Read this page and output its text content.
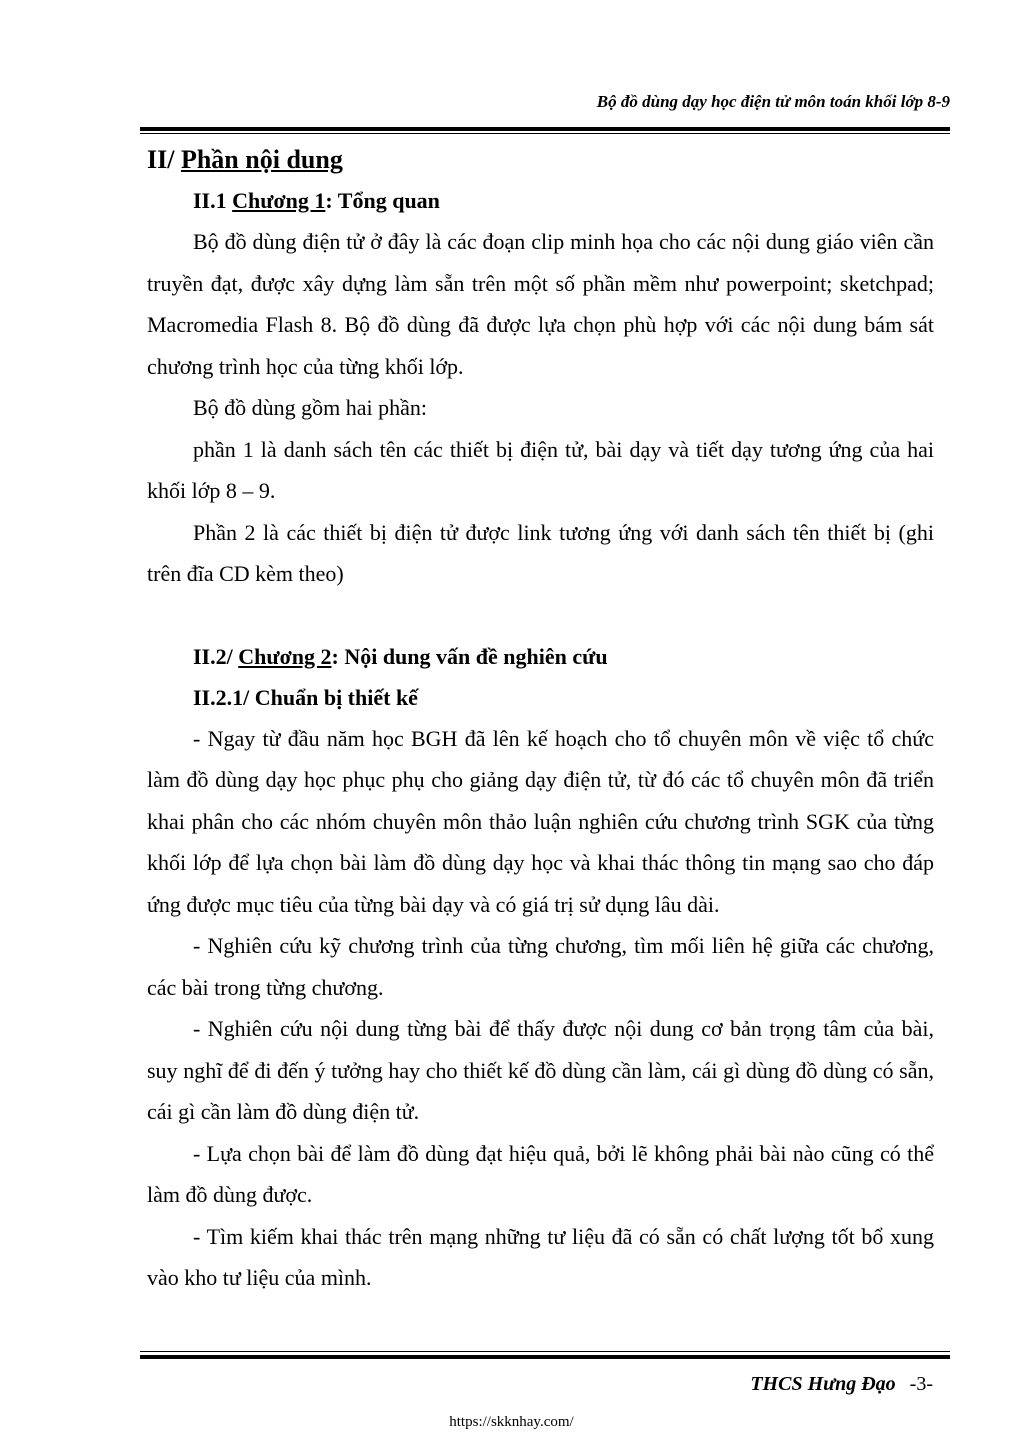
Bộ đồ dùng dạy học điện tử môn toán khối lớp 8-9
II/ Phần nội dung
II.1 Chương 1: Tổng quan

Bộ đồ dùng điện tử ở đây là các đoạn clip minh họa cho các nội dung giáo viên cần truyền đạt, được xây dựng làm sẵn trên một số phần mềm như powerpoint; sketchpad; Macromedia Flash 8. Bộ đồ dùng đã được lựa chọn phù hợp với các nội dung bám sát chương trình học của từng khối lớp.

Bộ đồ dùng gồm hai phần:

phần 1 là danh sách tên các thiết bị điện tử, bài dạy và tiết dạy tương ứng của hai khối lớp 8 – 9.

Phần 2 là các thiết bị điện tử được link tương ứng với danh sách tên thiết bị (ghi trên đĩa CD kèm theo)

II.2/ Chương 2: Nội dung vấn đề nghiên cứu
II.2.1/ Chuẩn bị thiết kế

- Ngay từ đầu năm học BGH đã lên kế hoạch cho tổ chuyên môn về việc tổ chức làm đồ dùng dạy học phục phụ cho giảng dạy điện tử, từ đó các tổ chuyên môn đã triển khai phân cho các nhóm chuyên môn thảo luận nghiên cứu chương trình SGK của từng khối lớp để lựa chọn bài làm đồ dùng dạy học và khai thác thông tin mạng sao cho đáp ứng được mục tiêu của từng bài dạy và có giá trị sử dụng lâu dài.

- Nghiên cứu kỹ chương trình của từng chương, tìm mối liên hệ giữa các chương, các bài trong từng chương.

- Nghiên cứu nội dung từng bài để thấy được nội dung cơ bản trọng tâm của bài, suy nghĩ để đi đến ý tưởng hay cho thiết kế đồ dùng cần làm, cái gì dùng đồ dùng có sẵn, cái gì cần làm đồ dùng điện tử.

- Lựa chọn bài để làm đồ dùng đạt hiệu quả, bởi lẽ không phải bài nào cũng có thể làm đồ dùng được.

- Tìm kiếm khai thác trên mạng những tư liệu đã có sẵn có chất lượng tốt bổ xung vào kho tư liệu của mình.

THCS Hưng Đạo -3-
https://skknhay.com/
